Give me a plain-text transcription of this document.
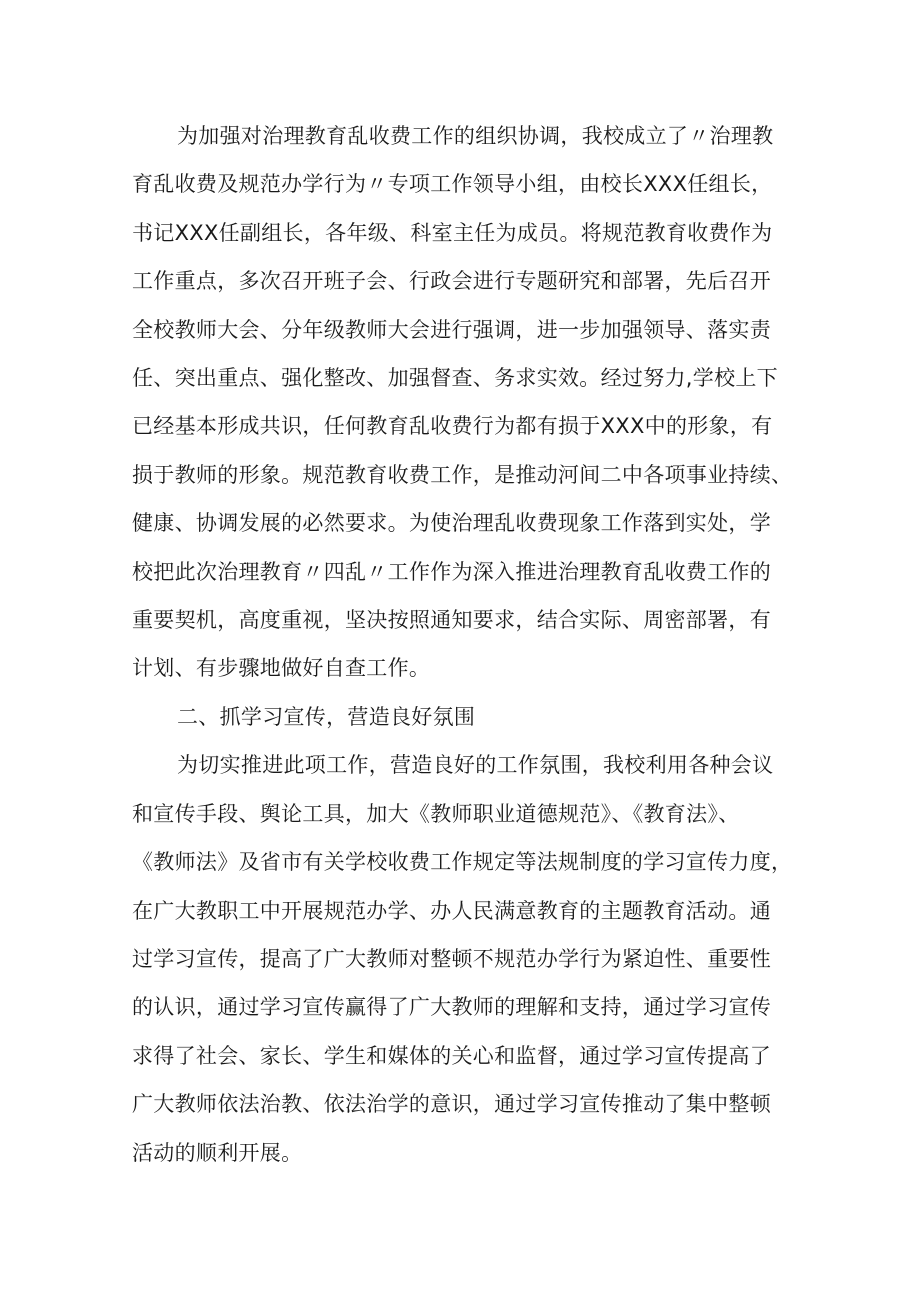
为加强对治理教育乱收费工作的组织协调，我校成立了〃治理教
育乱收费及规范办学行为〃专项工作领导小组，由校长XXX任组长，
书记XXX任副组长，各年级、科室主任为成员。将规范教育收费作为
工作重点，多次召开班子会、行政会进行专题研究和部署，先后召开
全校教师大会、分年级教师大会进行强调，进一步加强领导、落实责
任、突出重点、强化整改、加强督查、务求实效。经过努力,学校上下
已经基本形成共识，任何教育乱收费行为都有损于XXX中的形象，有
损于教师的形象。规范教育收费工作，是推动河间二中各项事业持续、
健康、协调发展的必然要求。为使治理乱收费现象工作落到实处，学
校把此次治理教育〃四乱〃工作作为深入推进治理教育乱收费工作的
重要契机，高度重视，坚决按照通知要求，结合实际、周密部署，有
计划、有步骤地做好自查工作。
二、抓学习宣传，营造良好氛围
为切实推进此项工作，营造良好的工作氛围，我校利用各种会议
和宣传手段、舆论工具，加大《教师职业道德规范》、《教育法》、
《教师法》及省市有关学校收费工作规定等法规制度的学习宣传力度，
在广大教职工中开展规范办学、办人民满意教育的主题教育活动。通
过学习宣传，提高了广大教师对整顿不规范办学行为紧迫性、重要性
的认识，通过学习宣传赢得了广大教师的理解和支持，通过学习宣传
求得了社会、家长、学生和媒体的关心和监督，通过学习宣传提高了
广大教师依法治教、依法治学的意识，通过学习宣传推动了集中整顿
活动的顺利开展。
